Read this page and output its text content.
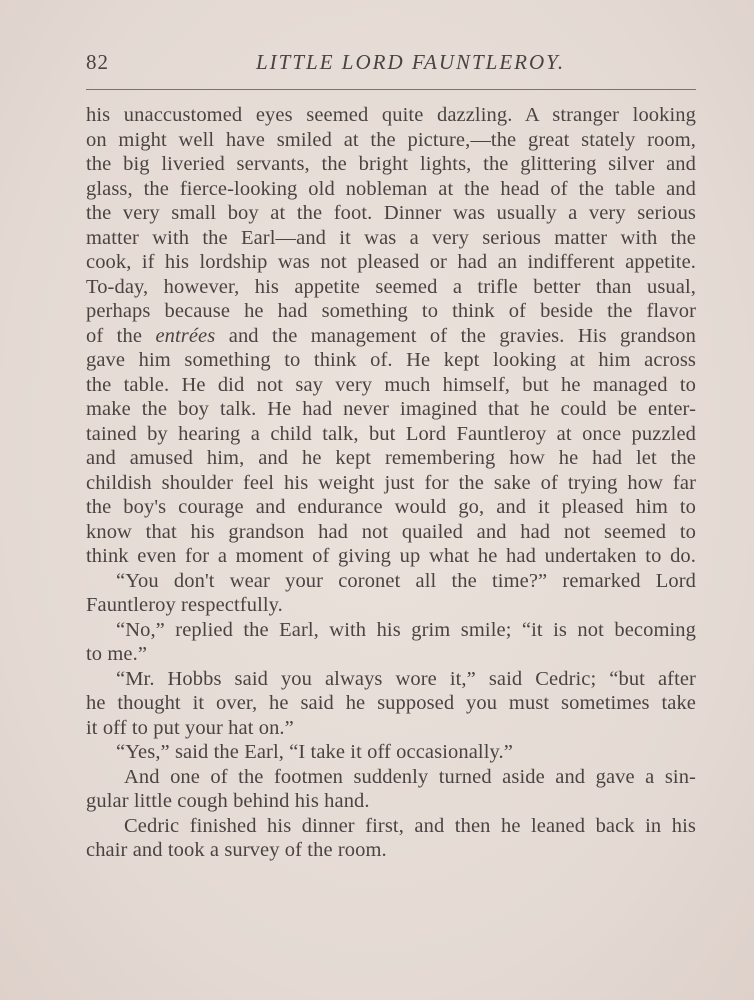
82	LITTLE LORD FAUNTLEROY.
his unaccustomed eyes seemed quite dazzling. A stranger looking
on might well have smiled at the picture,—the great stately room,
the big liveried servants, the bright lights, the glittering silver and
glass, the fierce-looking old nobleman at the head of the table and
the very small boy at the foot. Dinner was usually a very serious
matter with the Earl—and it was a very serious matter with the
cook, if his lordship was not pleased or had an indifferent appetite.
To-day, however, his appetite seemed a trifle better than usual,
perhaps because he had something to think of beside the flavor
of the entrées and the management of the gravies. His grandson
gave him something to think of. He kept looking at him across
the table. He did not say very much himself, but he managed to
make the boy talk. He had never imagined that he could be enter-
tained by hearing a child talk, but Lord Fauntleroy at once puzzled
and amused him, and he kept remembering how he had let the
childish shoulder feel his weight just for the sake of trying how far
the boy's courage and endurance would go, and it pleased him to
know that his grandson had not quailed and had not seemed to
think even for a moment of giving up what he had undertaken to do.
“You don't wear your coronet all the time?” remarked Lord
Fauntleroy respectfully.
“No,” replied the Earl, with his grim smile; “it is not becoming
to me.”
“Mr. Hobbs said you always wore it,” said Cedric; “but after
he thought it over, he said he supposed you must sometimes take
it off to put your hat on.”
“Yes,” said the Earl, “I take it off occasionally.”
And one of the footmen suddenly turned aside and gave a sin-
gular little cough behind his hand.
Cedric finished his dinner first, and then he leaned back in his
chair and took a survey of the room.
